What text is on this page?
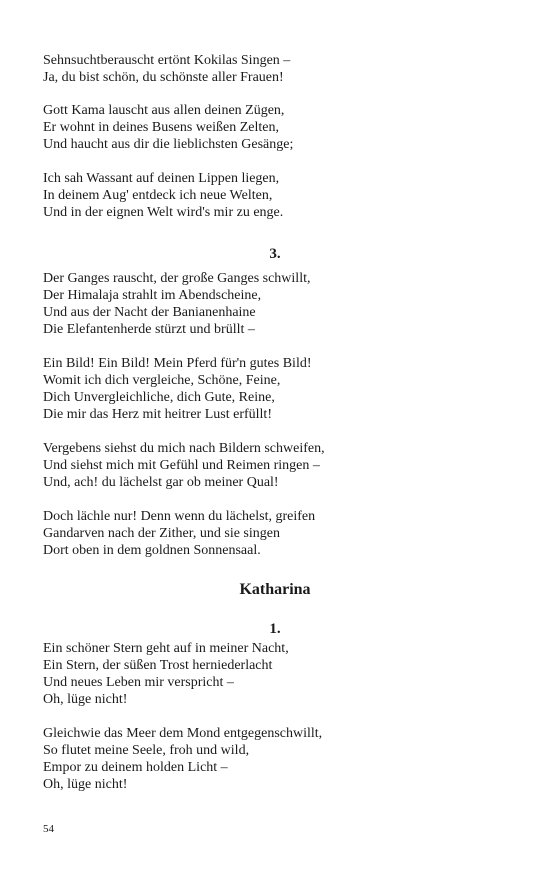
Sehnsuchtberauscht ertönt Kokilas Singen –
Ja, du bist schön, du schönste aller Frauen!
Gott Kama lauscht aus allen deinen Zügen,
Er wohnt in deines Busens weißen Zelten,
Und haucht aus dir die lieblichsten Gesänge;
Ich sah Wassant auf deinen Lippen liegen,
In deinem Aug' entdeck ich neue Welten,
Und in der eignen Welt wird's mir zu enge.
3.
Der Ganges rauscht, der große Ganges schwillt,
Der Himalaja strahlt im Abendscheine,
Und aus der Nacht der Banianenhaine
Die Elefantenherde stürzt und brüllt –
Ein Bild! Ein Bild! Mein Pferd für'n gutes Bild!
Womit ich dich vergleiche, Schöne, Feine,
Dich Unvergleichliche, dich Gute, Reine,
Die mir das Herz mit heitrer Lust erfüllt!
Vergebens siehst du mich nach Bildern schweifen,
Und siehst mich mit Gefühl und Reimen ringen –
Und, ach! du lächelst gar ob meiner Qual!
Doch lächle nur! Denn wenn du lächelst, greifen
Gandarven nach der Zither, und sie singen
Dort oben in dem goldnen Sonnensaal.
Katharina
1.
Ein schöner Stern geht auf in meiner Nacht,
Ein Stern, der süßen Trost herniederlacht
Und neues Leben mir verspricht –
Oh, lüge nicht!
Gleichwie das Meer dem Mond entgegenschwillt,
So flutet meine Seele, froh und wild,
Empor zu deinem holden Licht –
Oh, lüge nicht!
54
